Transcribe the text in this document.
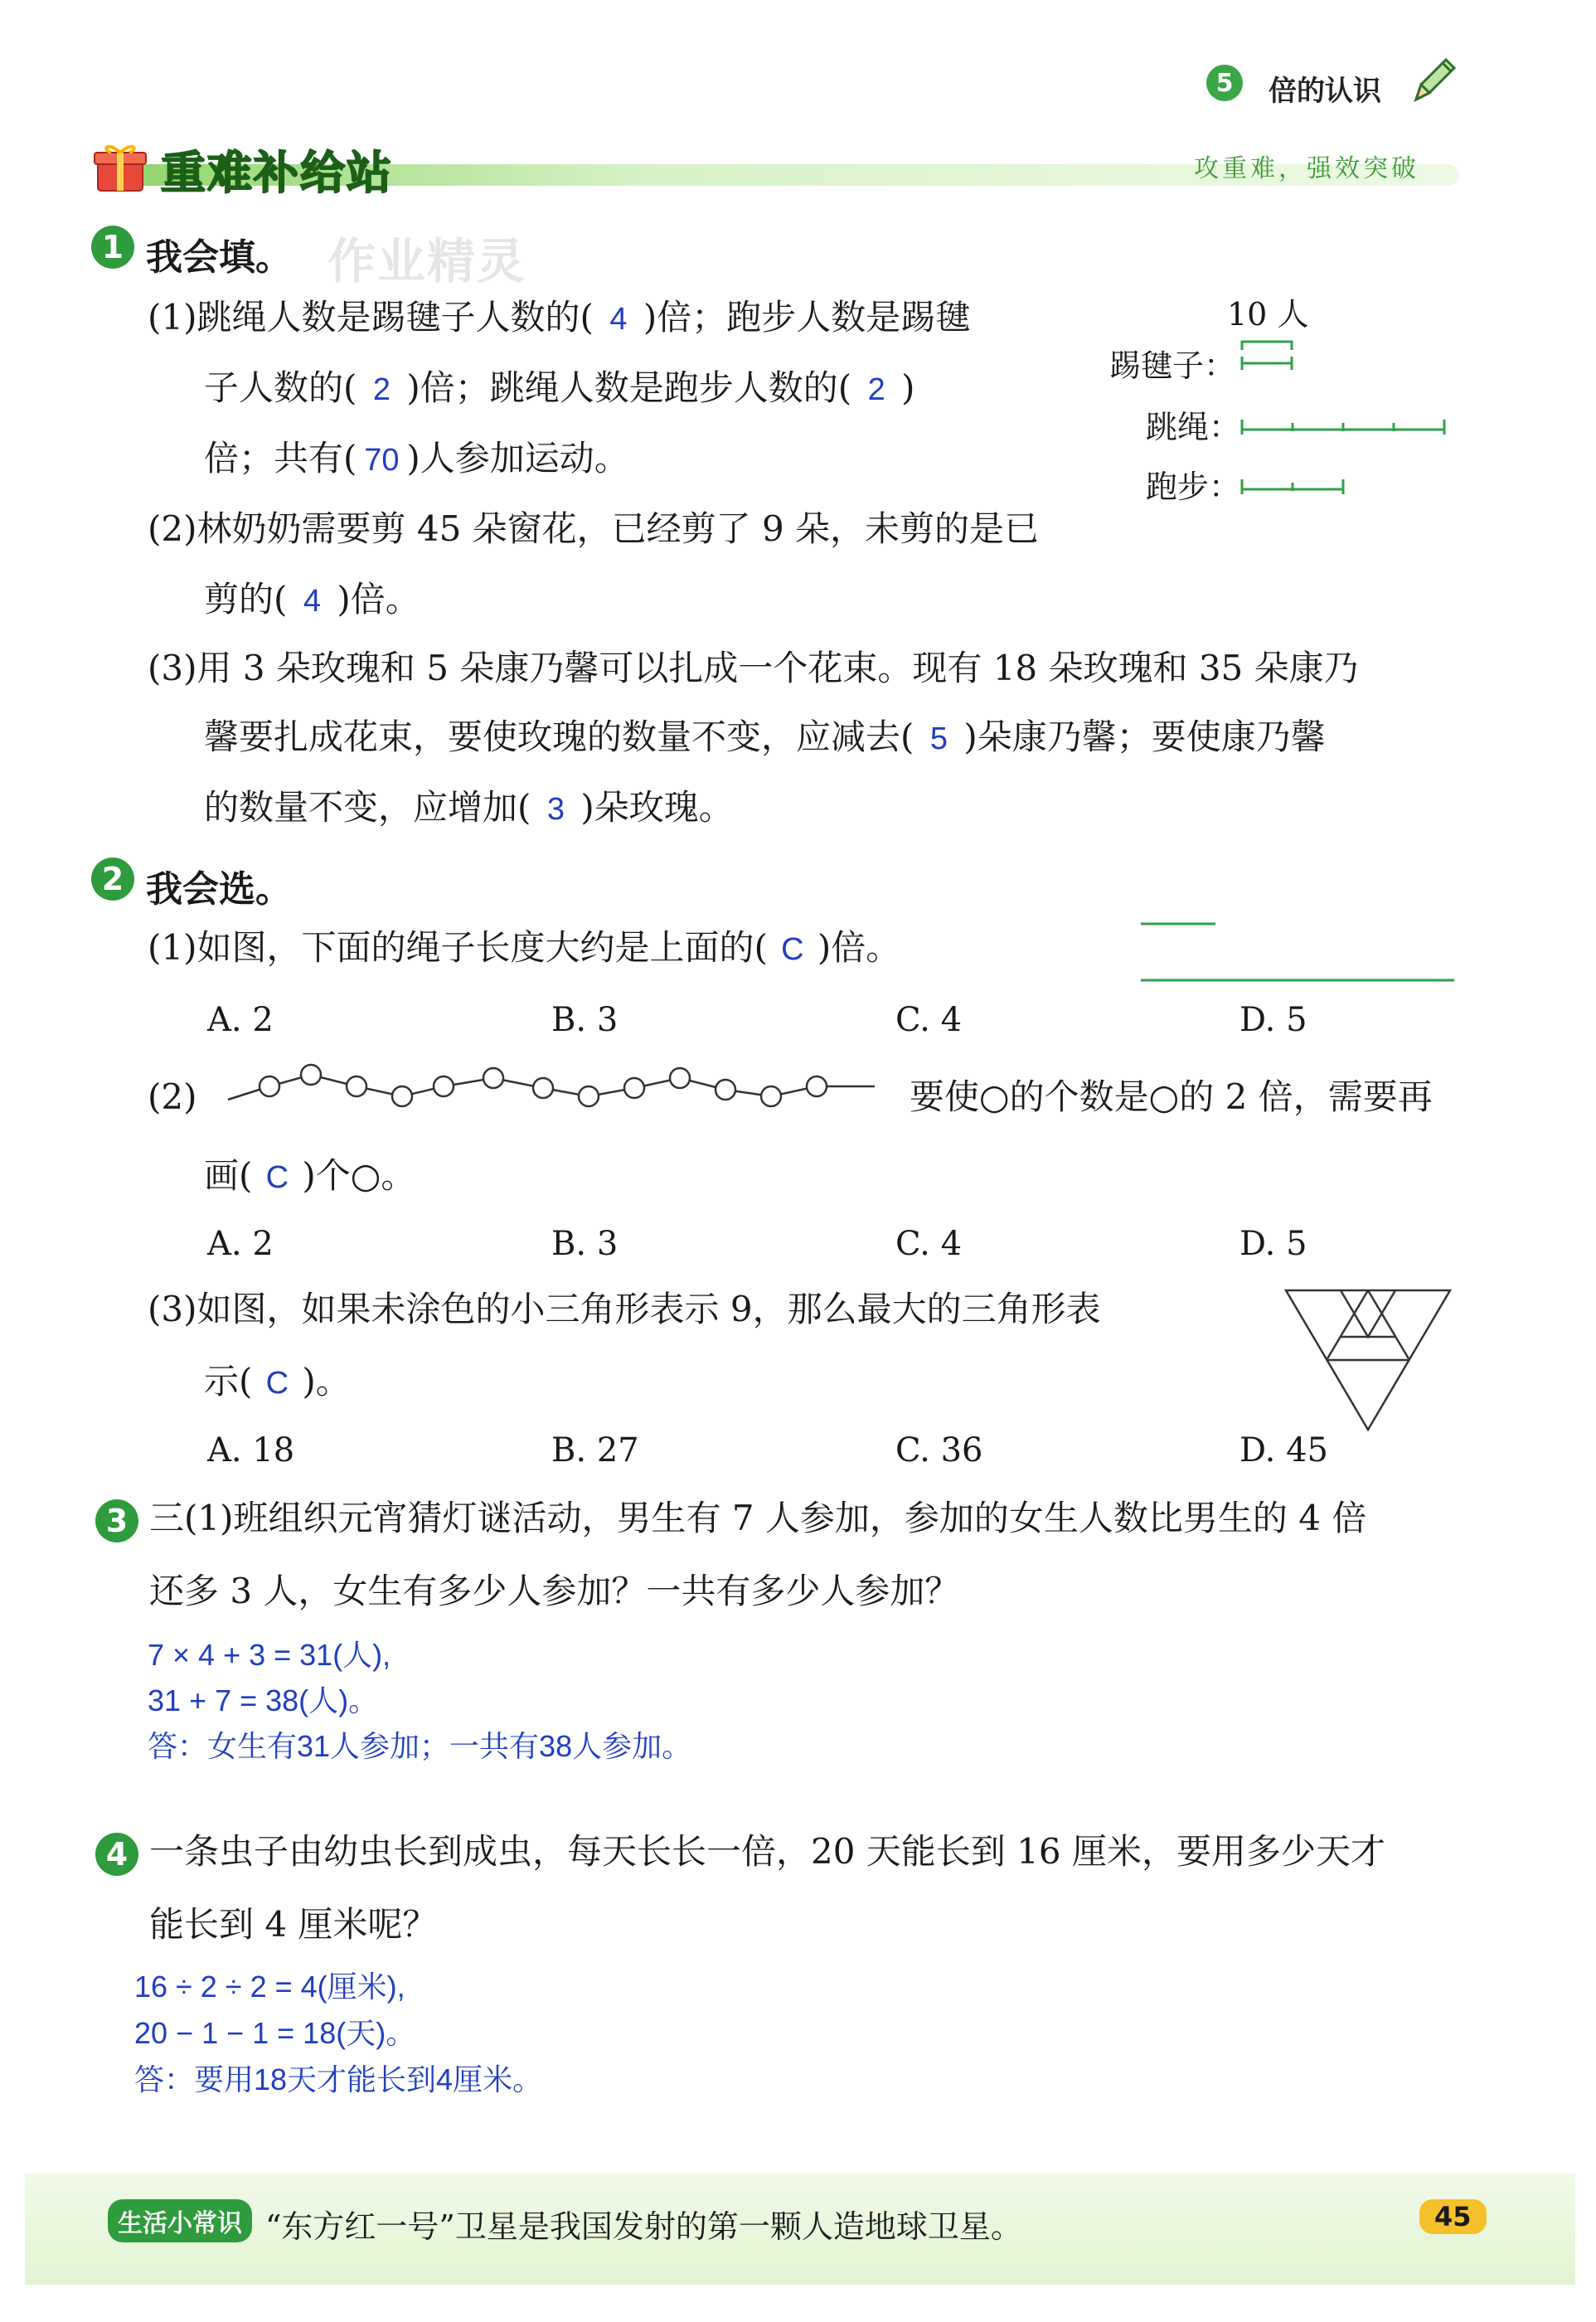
5	倍的认识
重难补给站	攻重难，强效突破
作业精灵
1 我会填。
(1)跳绳人数是踢毽子人数的( 4 )倍；跑步人数是踢毽
子人数的( 2 )倍；跳绳人数是跑步人数的( 2 )
倍；共有( 70 )人参加运动。
10 人
踢毽子：
跳绳：
跑步：
(2)林奶奶需要剪 45 朵窗花，已经剪了 9 朵，未剪的是已
剪的( 4 )倍。
(3)用 3 朵玫瑰和 5 朵康乃馨可以扎成一个花束。现有 18 朵玫瑰和 35 朵康乃
馨要扎成花束，要使玫瑰的数量不变，应减去( 5 )朵康乃馨；要使康乃馨
的数量不变，应增加( 3 )朵玫瑰。
2 我会选。
(1)如图，下面的绳子长度大约是上面的( C )倍。
A. 2	B. 3	C. 4	D. 5
(2)	要使○的个数是○的 2 倍，需要再
画( C )个○。
A. 2	B. 3	C. 4	D. 5
(3)如图，如果未涂色的小三角形表示 9，那么最大的三角形表
示( C )。
A. 18	B. 27	C. 36	D. 45
3 三(1)班组织元宵猜灯谜活动，男生有 7 人参加，参加的女生人数比男生的 4 倍
还多 3 人，女生有多少人参加？一共有多少人参加？
7 × 4 + 3 = 31(人),
31 + 7 = 38(人)。
答：女生有31人参加；一共有38人参加。
4 一条虫子由幼虫长到成虫，每天长长一倍，20 天能长到 16 厘米，要用多少天才
能长到 4 厘米呢？
16 ÷ 2 ÷ 2 = 4(厘米),
20 − 1 − 1 = 18(天)。
答：要用18天才能长到4厘米。
生活小常识 “东方红一号”卫星是我国发射的第一颗人造地球卫星。	45
